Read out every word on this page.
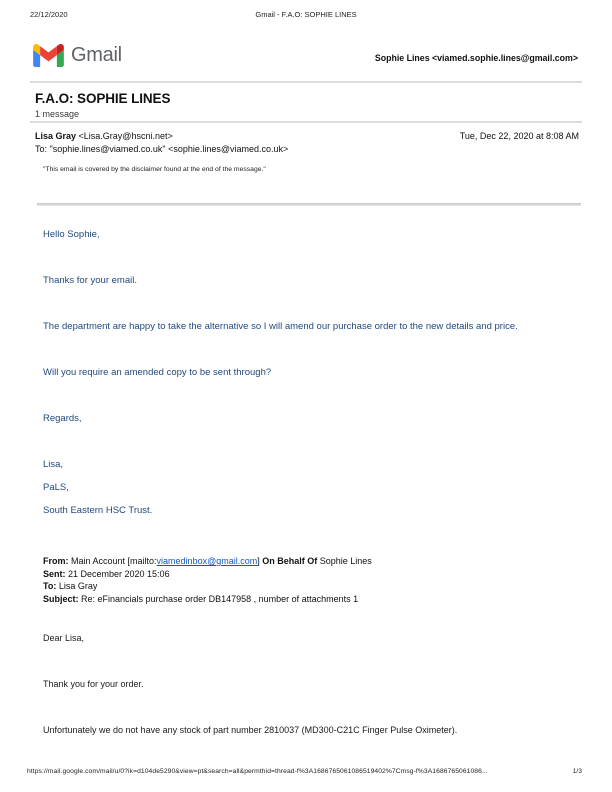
22/12/2020	Gmail - F.A.O: SOPHIE LINES
Gmail	Sophie Lines <viamed.sophie.lines@gmail.com>
F.A.O: SOPHIE LINES
1 message
Lisa Gray <Lisa.Gray@hscni.net>	Tue, Dec 22, 2020 at 8:08 AM
To: "sophie.lines@viamed.co.uk" <sophie.lines@viamed.co.uk>
"This email is covered by the disclaimer found at the end of the message."

Hello Sophie,

Thanks for your email.

The department are happy to take the alternative so I will amend our purchase order to the new details and price.

Will you require an amended copy to be sent through?

Regards,

Lisa,

PaLS,

South Eastern HSC Trust.

From: Main Account [mailto:viamedinbox@gmail.com] On Behalf Of Sophie Lines
Sent: 21 December 2020 15:06
To: Lisa Gray
Subject: Re: eFinancials purchase order DB147958 , number of attachments 1

Dear Lisa,

Thank you for your order.

Unfortunately we do not have any stock of part number 2810037 (MD300-C21C Finger Pulse Oximeter).

https://mail.google.com/mail/u/0?ik=d104de5290&view=pt&search=all&permthid=thread-f%3A1686765061086519402%7Cmsg-f%3A1686765061086...	1/3
